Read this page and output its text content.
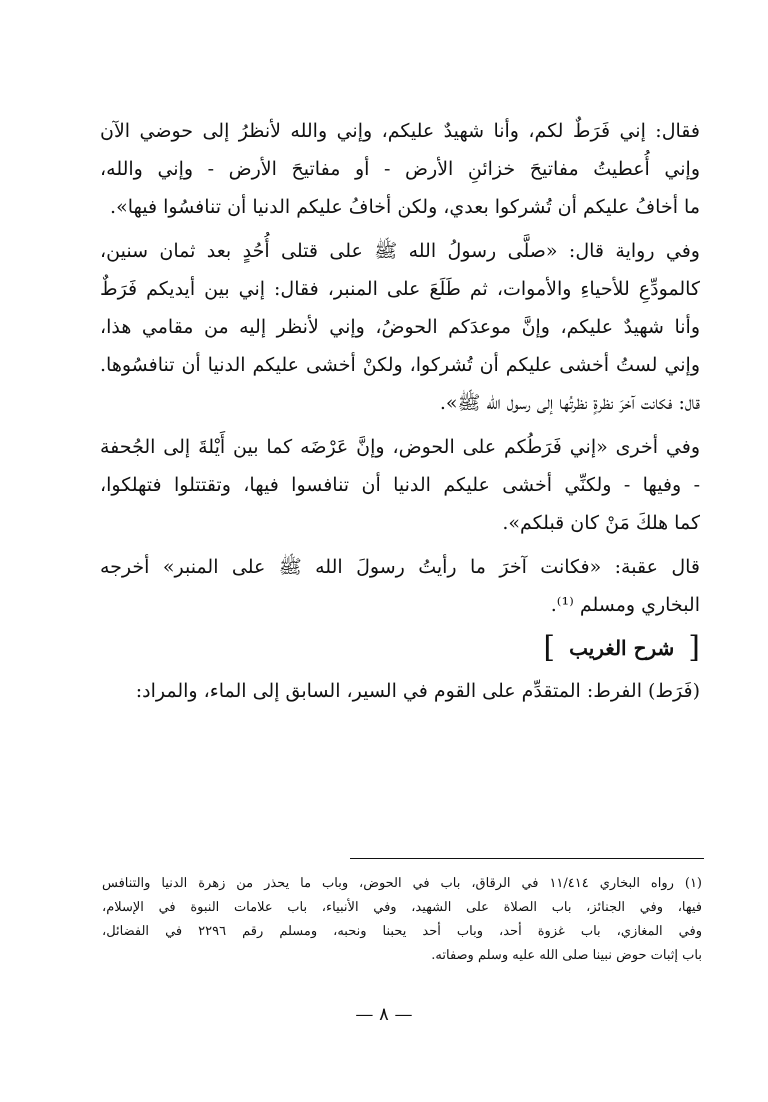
فقال: إني فَرَطٌ لكم، وأنا شهيدٌ عليكم، وإني والله لأنظرُ إلى حوضي الآن
وإني أُعطيتُ مفاتيحَ خزائنِ الأرض - أو مفاتيحَ الأرض - وإني والله،
ما أخافُ عليكم أن تُشركوا بعدي، ولكن أخافُ عليكم الدنيا أن تنافسُوا فيها».
وفي رواية قال: «صلَّى رسولُ الله ﷺ على قتلى أُحُدٍ بعد ثمان سنين،
كالمودِّعِ للأحياءِ والأموات، ثم طَلَعَ على المنبر، فقال: إني بين أيديكم فَرَطٌ
وأنا شهيدٌ عليكم، وإنَّ موعدَكم الحوضُ، وإني لأنظر إليه من مقامي هذا،
وإني لستُ أخشى عليكم أن تُشركوا، ولكنْ أخشى عليكم الدنيا أن تنافسُوها.
قال: فكانت آخرَ نظرةٍ نظرتُها إلى رسول الله ﷺ».
وفي أخرى «إني فَرَطُكم على الحوض، وإنَّ عَرْضَه كما بين أَيْلةَ إلى الجُحفة
- وفيها - ولكنِّي أخشى عليكم الدنيا أن تنافسوا فيها، وتقتتلوا فتهلكوا،
كما هلكَ مَنْ كان قبلكم».
قال عقبة: «فكانت آخرَ ما رأيتُ رسولَ الله ﷺ على المنبر» أخرجه
البخاري ومسلم ⁽¹⁾.
[
شرح الغريب
]
(فَرَط) الفرط: المتقدِّم على القوم في السير، السابق إلى الماء، والمراد:
(١) رواه البخاري ١١/٤١٤ في الرقاق، باب في الحوض، وباب ما يحذر من زهرة الدنيا والتنافس
فيها، وفي الجنائز، باب الصلاة على الشهيد، وفي الأنبياء، باب علامات النبوة في الإسلام،
وفي المغازي، باب غزوة أحد، وباب أحد يحبنا ونحبه، ومسلم رقم ٢٢٩٦ في الفضائل،
باب إثبات حوض نبينا صلى الله عليه وسلم وصفاته.
— ٨ —
